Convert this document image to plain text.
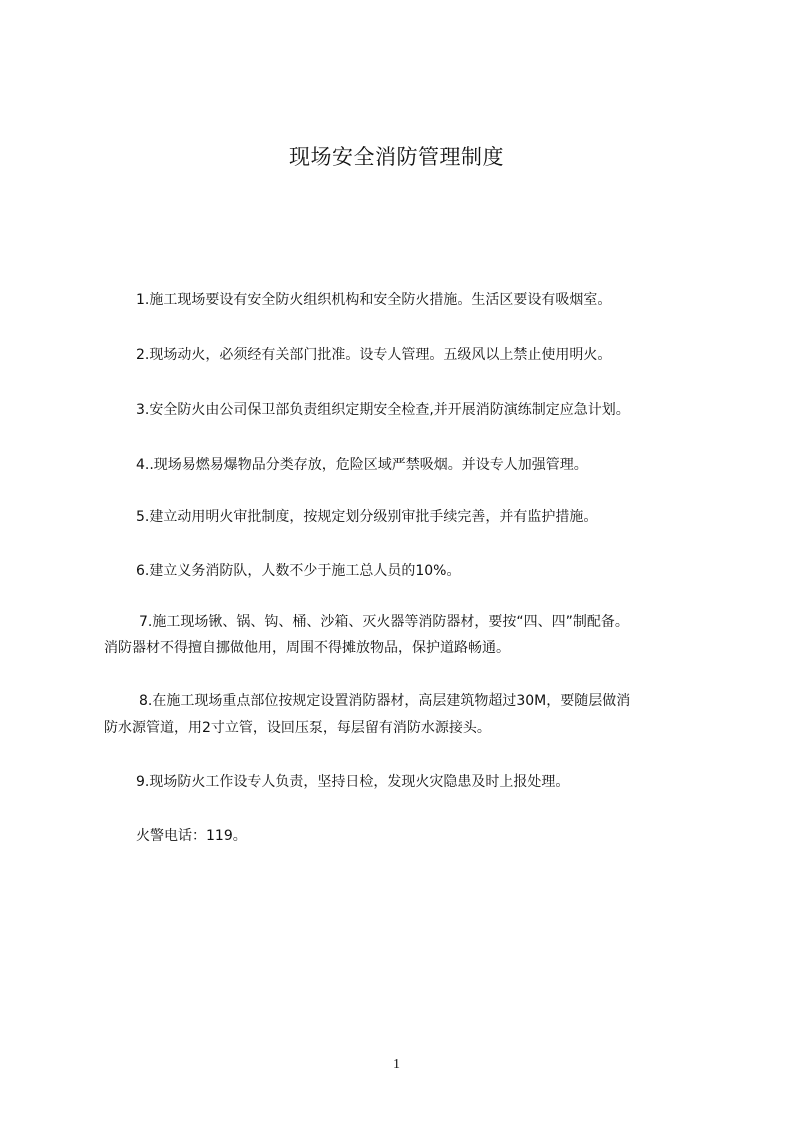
现场安全消防管理制度
1.施工现场要设有安全防火组织机构和安全防火措施。生活区要设有吸烟室。
2.现场动火，必须经有关部门批准。设专人管理。五级风以上禁止使用明火。
3.安全防火由公司保卫部负责组织定期安全检查,并开展消防演练制定应急计划。
4..现场易燃易爆物品分类存放，危险区域严禁吸烟。并设专人加强管理。
5.建立动用明火审批制度，按规定划分级别审批手续完善，并有监护措施。
6.建立义务消防队，人数不少于施工总人员的10%。
7.施工现场锹、锅、钩、桶、沙箱、灭火器等消防器材，要按“四、四”制配备。
消防器材不得擅自挪做他用，周围不得摊放物品，保护道路畅通。
8.在施工现场重点部位按规定设置消防器材，高层建筑物超过30M，要随层做消
防水源管道，用2寸立管，设回压泵，每层留有消防水源接头。
9.现场防火工作设专人负责，坚持日检，发现火灾隐患及时上报处理。
火警电话：119。
1
